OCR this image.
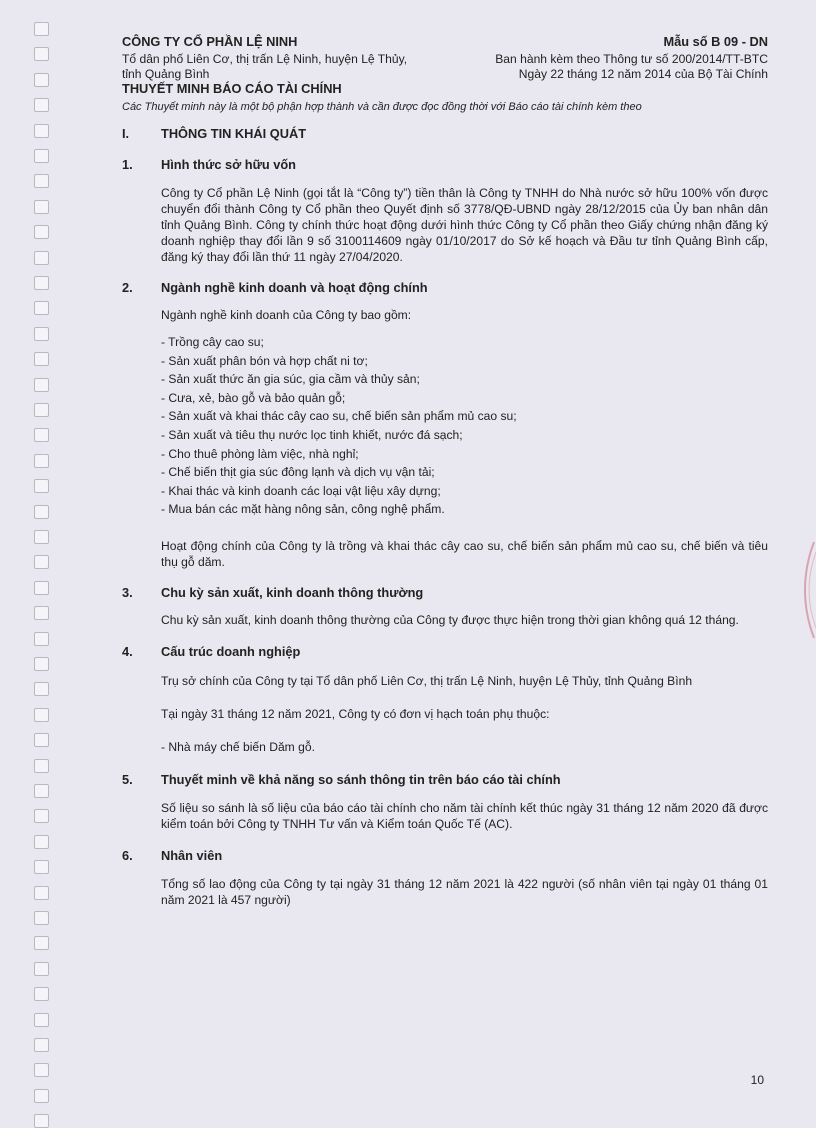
CÔNG TY CỔ PHẦN LỆ NINH
Tổ dân phố Liên Cơ, thị trấn Lệ Ninh, huyện Lệ Thủy,
tỉnh Quảng Bình
Mẫu số B 09 - DN
Ban hành kèm theo Thông tư số 200/2014/TT-BTC
Ngày 22 tháng 12 năm 2014 của Bộ Tài Chính
THUYẾT MINH BÁO CÁO TÀI CHÍNH
Các Thuyết minh này là một bộ phận hợp thành và cần được đọc đồng thời với Báo cáo tài chính kèm theo
I.	THÔNG TIN KHÁI QUÁT
1.	Hình thức sở hữu vốn
Công ty Cổ phần Lệ Ninh (gọi tắt là “Công ty”) tiền thân là Công ty TNHH do Nhà nước sở hữu 100% vốn được chuyển đổi thành Công ty Cổ phần theo Quyết định số 3778/QĐ-UBND ngày 28/12/2015 của Ủy ban nhân dân tỉnh Quảng Bình. Công ty chính thức hoạt động dưới hình thức Công ty Cổ phần theo Giấy chứng nhận đăng ký doanh nghiệp thay đổi lần 9 số 3100114609 ngày 01/10/2017 do Sở kế hoạch và Đầu tư tỉnh Quảng Bình cấp, đăng ký thay đổi lần thứ 11 ngày 27/04/2020.
2.	Ngành nghề kinh doanh và hoạt động chính
Ngành nghề kinh doanh của Công ty bao gồm:
- Trồng cây cao su;
- Sản xuất phân bón và hợp chất ni tơ;
- Sản xuất thức ăn gia súc, gia cầm và thủy sản;
- Cưa, xẻ, bào gỗ và bảo quản gỗ;
- Sản xuất và khai thác cây cao su, chế biến sản phẩm mủ cao su;
- Sản xuất và tiêu thụ nước lọc tinh khiết, nước đá sạch;
- Cho thuê phòng làm việc, nhà nghỉ;
- Chế biến thịt gia súc đông lạnh và dịch vụ vận tải;
- Khai thác và kinh doanh các loại vật liệu xây dựng;
- Mua bán các mặt hàng nông sản, công nghệ phẩm.
Hoạt động chính của Công ty là trồng và khai thác cây cao su, chế biến sản phẩm mủ cao su, chế biến và tiêu thụ gỗ dăm.
3.	Chu kỳ sản xuất, kinh doanh thông thường
Chu kỳ sản xuất, kinh doanh thông thường của Công ty được thực hiện trong thời gian không quá 12 tháng.
4.	Cấu trúc doanh nghiệp
Trụ sở chính của Công ty tại Tổ dân phố Liên Cơ, thị trấn Lệ Ninh, huyện Lệ Thủy, tỉnh Quảng Bình
Tại ngày 31 tháng 12 năm 2021, Công ty có đơn vị hạch toán phụ thuộc:
- Nhà máy chế biến Dăm gỗ.
5.	Thuyết minh về khả năng so sánh thông tin trên báo cáo tài chính
Số liệu so sánh là số liệu của báo cáo tài chính cho năm tài chính kết thúc ngày 31 tháng 12 năm 2020 đã được kiểm toán bởi Công ty TNHH Tư vấn và Kiểm toán Quốc Tế (AC).
6.	Nhân viên
Tổng số lao động của Công ty tại ngày 31 tháng 12 năm 2021 là 422 người (số nhân viên tại ngày 01 tháng 01 năm 2021 là 457 người)
10
